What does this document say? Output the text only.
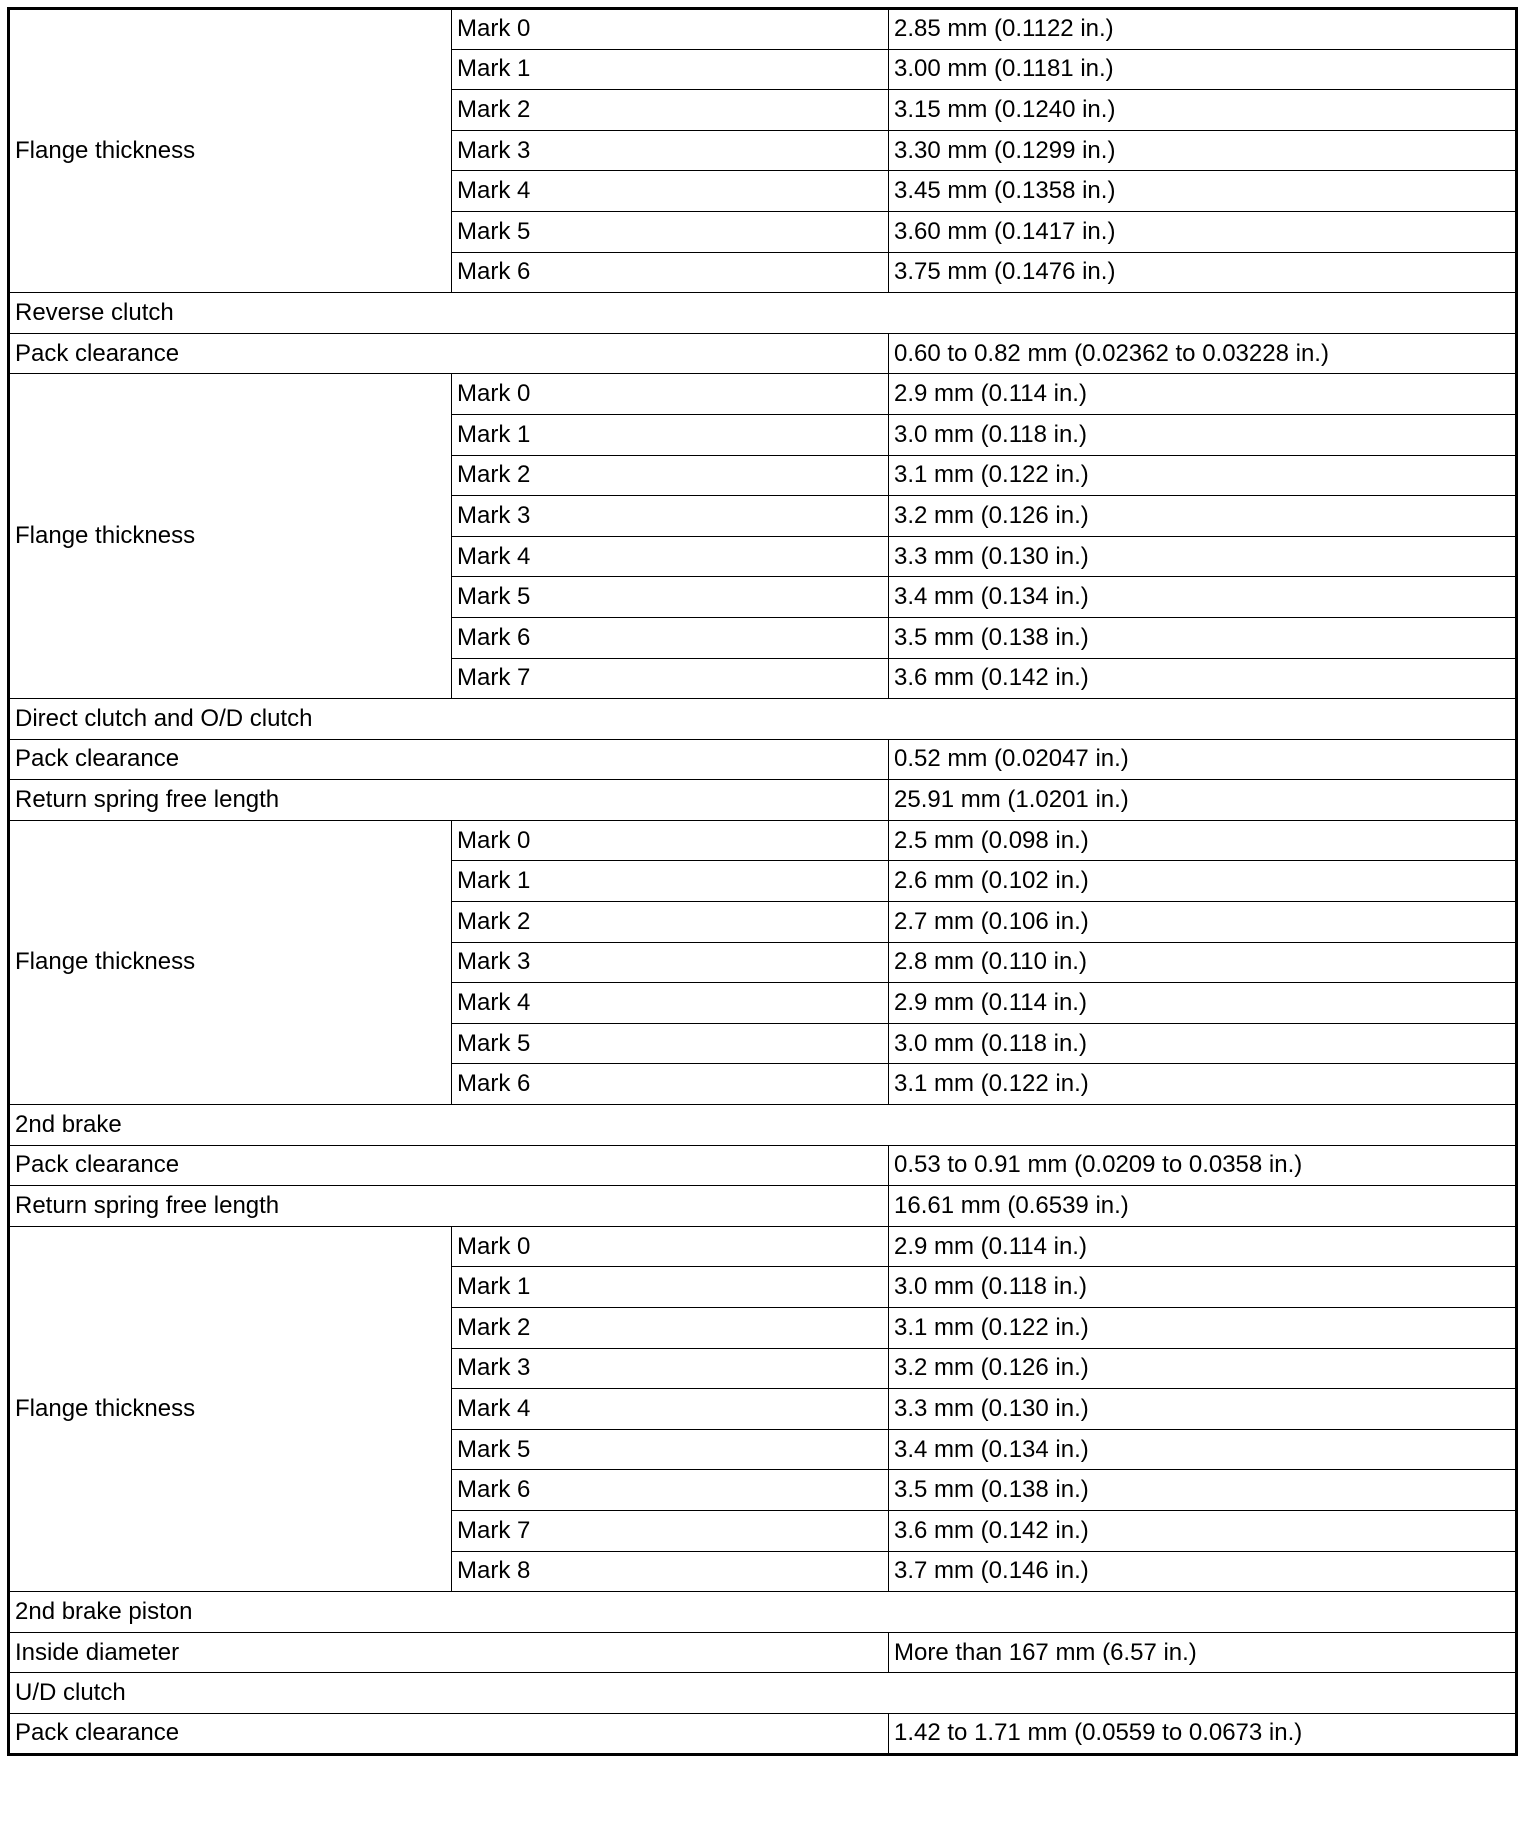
Flange thickness	Mark 0	2.85 mm (0.1122 in.)
	Mark 1	3.00 mm (0.1181 in.)
	Mark 2	3.15 mm (0.1240 in.)
	Mark 3	3.30 mm (0.1299 in.)
	Mark 4	3.45 mm (0.1358 in.)
	Mark 5	3.60 mm (0.1417 in.)
	Mark 6	3.75 mm (0.1476 in.)
Reverse clutch		
Pack clearance		0.60 to 0.82 mm (0.02362 to 0.03228 in.)
Flange thickness	Mark 0	2.9 mm (0.114 in.)
	Mark 1	3.0 mm (0.118 in.)
	Mark 2	3.1 mm (0.122 in.)
	Mark 3	3.2 mm (0.126 in.)
	Mark 4	3.3 mm (0.130 in.)
	Mark 5	3.4 mm (0.134 in.)
	Mark 6	3.5 mm (0.138 in.)
	Mark 7	3.6 mm (0.142 in.)
Direct clutch and O/D clutch		
Pack clearance		0.52 mm (0.02047 in.)
Return spring free length		25.91 mm (1.0201 in.)
Flange thickness	Mark 0	2.5 mm (0.098 in.)
	Mark 1	2.6 mm (0.102 in.)
	Mark 2	2.7 mm (0.106 in.)
	Mark 3	2.8 mm (0.110 in.)
	Mark 4	2.9 mm (0.114 in.)
	Mark 5	3.0 mm (0.118 in.)
	Mark 6	3.1 mm (0.122 in.)
2nd brake		
Pack clearance		0.53 to 0.91 mm (0.0209 to 0.0358 in.)
Return spring free length		16.61 mm (0.6539 in.)
Flange thickness	Mark 0	2.9 mm (0.114 in.)
	Mark 1	3.0 mm (0.118 in.)
	Mark 2	3.1 mm (0.122 in.)
	Mark 3	3.2 mm (0.126 in.)
	Mark 4	3.3 mm (0.130 in.)
	Mark 5	3.4 mm (0.134 in.)
	Mark 6	3.5 mm (0.138 in.)
	Mark 7	3.6 mm (0.142 in.)
	Mark 8	3.7 mm (0.146 in.)
2nd brake piston		
Inside diameter		More than 167 mm (6.57 in.)
U/D clutch		
Pack clearance		1.42 to 1.71 mm (0.0559 to 0.0673 in.)
